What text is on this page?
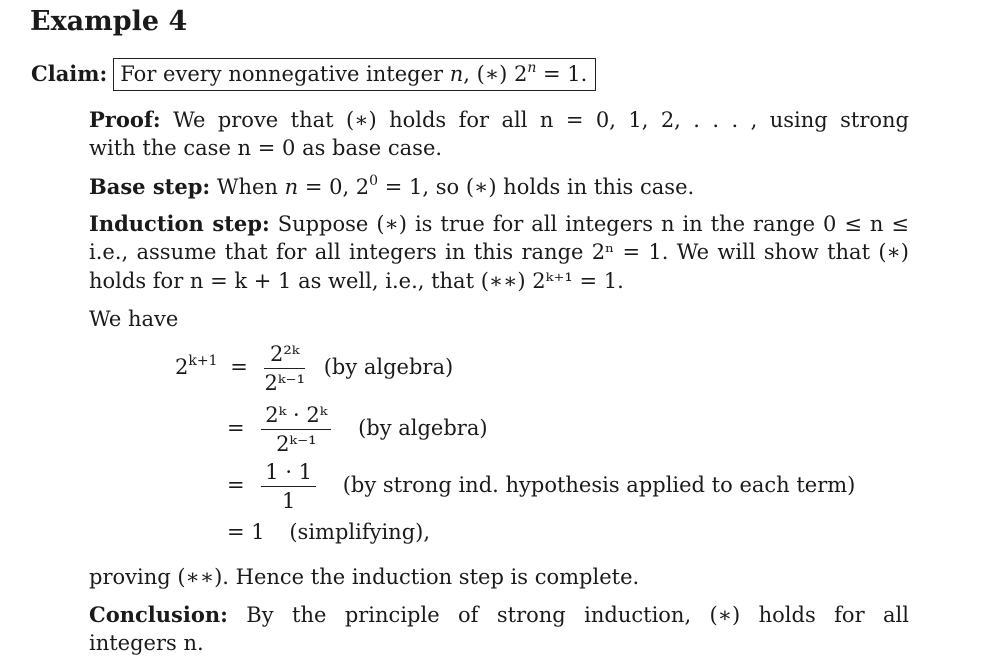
Example 4
Claim: For every nonnegative integer n, (∗) $2^n = 1$.
Proof: We prove that (∗) holds for all n = 0, 1, 2, . . . , using strong
with the case n = 0 as base case.
Base step: When n = 0, $2^0 = 1$, so (∗) holds in this case.
Induction step: Suppose (∗) is true for all integers n in the range 0 ≤ n ≤
i.e., assume that for all integers in this range 2ⁿ = 1. We will show that (∗)
holds for n = k + 1 as well, i.e., that (∗∗) 2ᵏ⁺¹ = 1.
We have
$2^{k+1} = \frac{\text{2²ᵏ}}{\text{2ᵏ⁻¹}} (by$ algebra)
= $\frac{\text{2ᵏ · 2ᵏ}}{\text{2ᵏ⁻¹}} (by$ algebra)
= $\frac{1 \cdot 1}{1} (by$ strong ind. hypothesis applied to each term)
= 1 (simplifying),
proving (∗∗). Hence the induction step is complete.
Conclusion: By the principle of strong induction, (∗) holds for all
integers n.
